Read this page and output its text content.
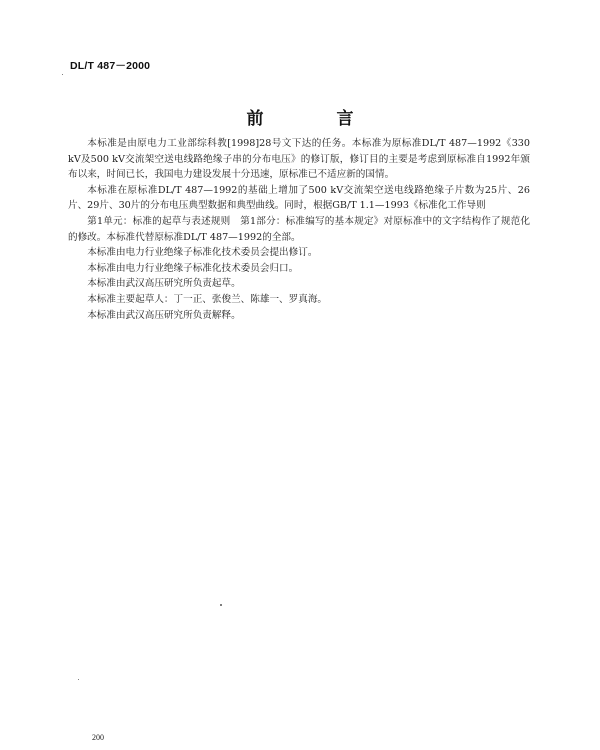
DL/T 487－2000
前　言

本标准是由原电力工业部综科教[1998]28号文下达的任务。本标准为原标准DL/T 487—1992《330 kV及500 kV交流架空送电线路绝缘子串的分布电压》的修订版，修订目的主要是考虑到原标准自1992年颁布以来，时间已长，我国电力建设发展十分迅速，原标准已不适应新的国情。

本标准在原标准DL/T 487—1992的基础上增加了500 kV交流架空送电线路绝缘子片数为25片、26片、29片、30片的分布电压典型数据和典型曲线。同时，根据GB/T 1.1—1993《标准化工作导则

第1单元：标准的起草与表述规则　第1部分：标准编写的基本规定》对原标准中的文字结构作了规范化的修改。本标准代替原标准DL/T 487—1992的全部。

本标准由电力行业绝缘子标准化技术委员会提出修订。

本标准由电力行业绝缘子标准化技术委员会归口。

本标准由武汉高压研究所负责起草。

本标准主要起草人：丁一正、张俊兰、陈雄一、罗真海。

本标准由武汉高压研究所负责解释。

200
